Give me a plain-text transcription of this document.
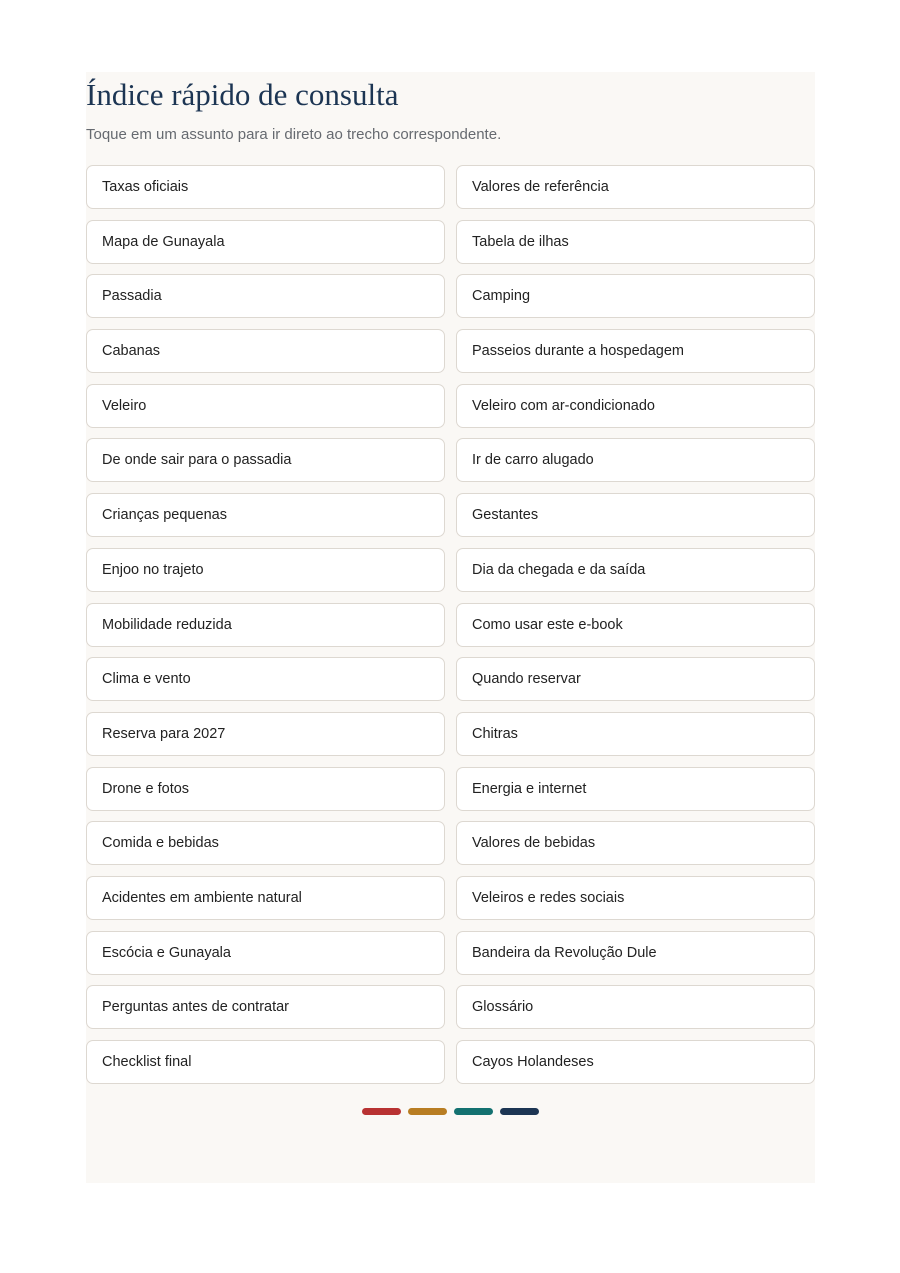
Índice rápido de consulta

Toque em um assunto para ir direto ao trecho correspondente.

Taxas oficiais	Valores de referência
Mapa de Gunayala	Tabela de ilhas
Passadia	Camping
Cabanas	Passeios durante a hospedagem
Veleiro	Veleiro com ar-condicionado
De onde sair para o passadia	Ir de carro alugado
Crianças pequenas	Gestantes
Enjoo no trajeto	Dia da chegada e da saída
Mobilidade reduzida	Como usar este e-book
Clima e vento	Quando reservar
Reserva para 2027	Chitras
Drone e fotos	Energia e internet
Comida e bebidas	Valores de bebidas
Acidentes em ambiente natural	Veleiros e redes sociais
Escócia e Gunayala	Bandeira da Revolução Dule
Perguntas antes de contratar	Glossário
Checklist final	Cayos Holandeses
